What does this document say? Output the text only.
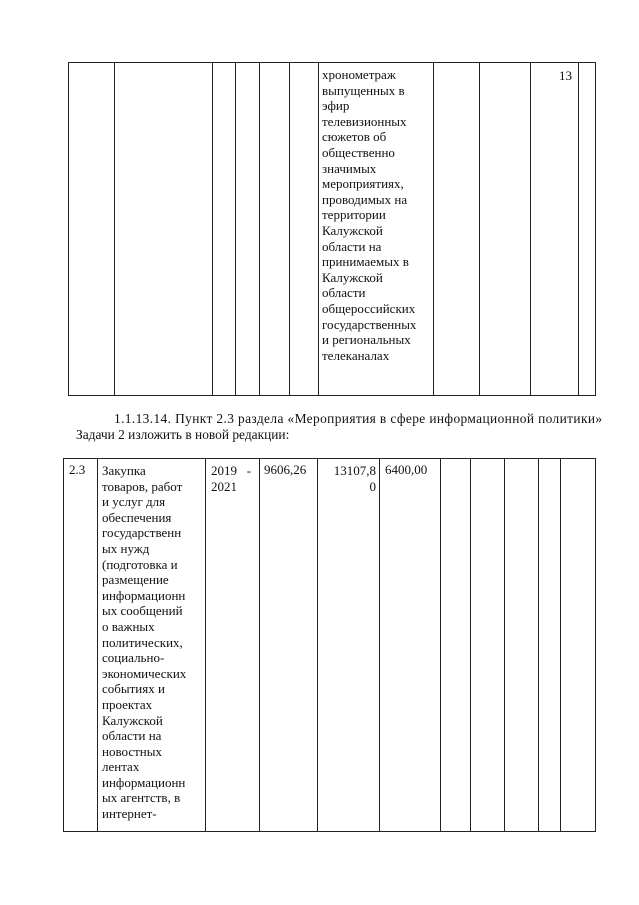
хронометраж
выпущенных в
эфир
телевизионных
сюжетов об
общественно
значимых
мероприятиях,
проводимых на
территории
Калужской
области на
принимаемых в
Калужской
области
общероссийских
государственных
и региональных
телеканалах
13
1.1.13.14. Пункт 2.3 раздела «Мероприятия в сфере информационной политики»
Задачи 2 изложить в новой редакции:
2.3 Закупка
товаров, работ
и услуг для
обеспечения
государственн
ых нужд
(подготовка и
размещение
информационн
ых сообщений
о важных
политических,
социально-
экономических
событиях и
проектах
Калужской
области на
новостных
лентах
информационн
ых агентств, в
интернет-
2019   -
2021
9606,26	13107,8
0
6400,00
